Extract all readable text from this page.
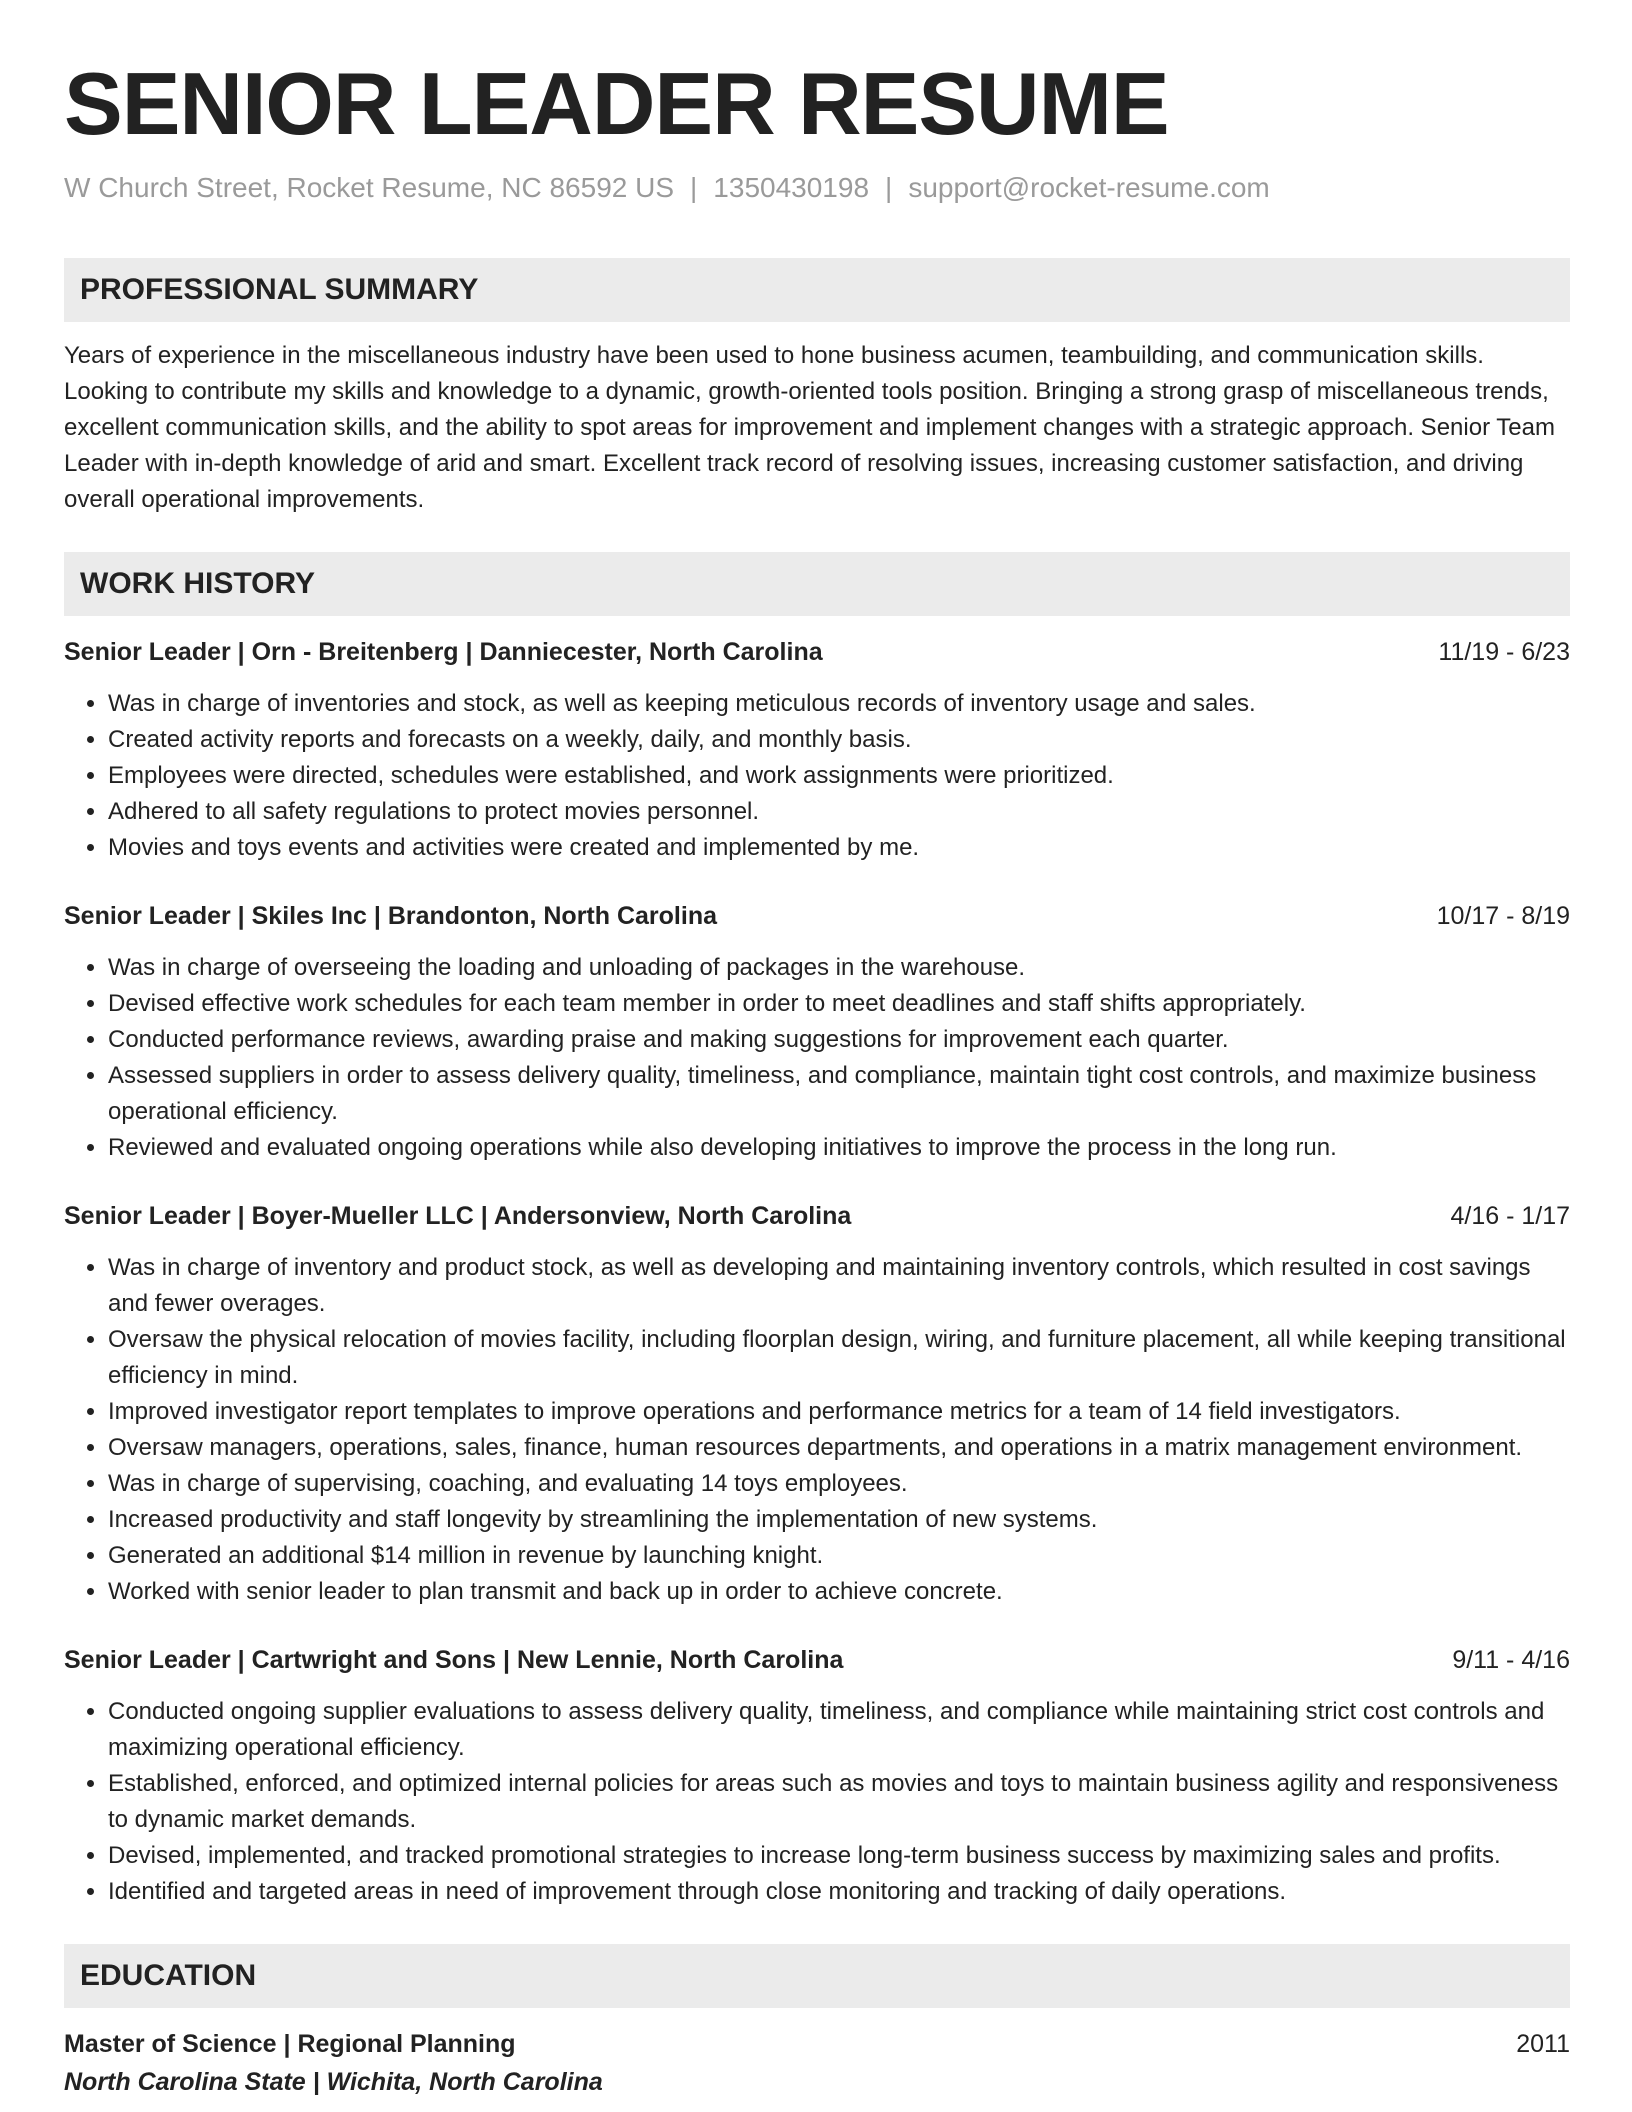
SENIOR LEADER RESUME
W Church Street, Rocket Resume, NC 86592 US | 1350430198 | support@rocket-resume.com
PROFESSIONAL SUMMARY

Years of experience in the miscellaneous industry have been used to hone business acumen, teambuilding, and communication skills. Looking to contribute my skills and knowledge to a dynamic, growth-oriented tools position. Bringing a strong grasp of miscellaneous trends, excellent communication skills, and the ability to spot areas for improvement and implement changes with a strategic approach. Senior Team Leader with in-depth knowledge of arid and smart. Excellent track record of resolving issues, increasing customer satisfaction, and driving overall operational improvements.

WORK HISTORY
Senior Leader | Orn - Breitenberg | Danniecester, North Carolina	11/19 - 6/23
• Was in charge of inventories and stock, as well as keeping meticulous records of inventory usage and sales.
• Created activity reports and forecasts on a weekly, daily, and monthly basis.
• Employees were directed, schedules were established, and work assignments were prioritized.
• Adhered to all safety regulations to protect movies personnel.
• Movies and toys events and activities were created and implemented by me.
Senior Leader | Skiles Inc | Brandonton, North Carolina	10/17 - 8/19
• Was in charge of overseeing the loading and unloading of packages in the warehouse.
• Devised effective work schedules for each team member in order to meet deadlines and staff shifts appropriately.
• Conducted performance reviews, awarding praise and making suggestions for improvement each quarter.
• Assessed suppliers in order to assess delivery quality, timeliness, and compliance, maintain tight cost controls, and maximize business operational efficiency.
• Reviewed and evaluated ongoing operations while also developing initiatives to improve the process in the long run.
Senior Leader | Boyer-Mueller LLC | Andersonview, North Carolina	4/16 - 1/17
• Was in charge of inventory and product stock, as well as developing and maintaining inventory controls, which resulted in cost savings and fewer overages.
• Oversaw the physical relocation of movies facility, including floorplan design, wiring, and furniture placement, all while keeping transitional efficiency in mind.
• Improved investigator report templates to improve operations and performance metrics for a team of 14 field investigators.
• Oversaw managers, operations, sales, finance, human resources departments, and operations in a matrix management environment.
• Was in charge of supervising, coaching, and evaluating 14 toys employees.
• Increased productivity and staff longevity by streamlining the implementation of new systems.
• Generated an additional $14 million in revenue by launching knight.
• Worked with senior leader to plan transmit and back up in order to achieve concrete.
Senior Leader | Cartwright and Sons | New Lennie, North Carolina	9/11 - 4/16
• Conducted ongoing supplier evaluations to assess delivery quality, timeliness, and compliance while maintaining strict cost controls and maximizing operational efficiency.
• Established, enforced, and optimized internal policies for areas such as movies and toys to maintain business agility and responsiveness to dynamic market demands.
• Devised, implemented, and tracked promotional strategies to increase long-term business success by maximizing sales and profits.
• Identified and targeted areas in need of improvement through close monitoring and tracking of daily operations.
EDUCATION
Master of Science | Regional Planning	2011
North Carolina State | Wichita, North Carolina
